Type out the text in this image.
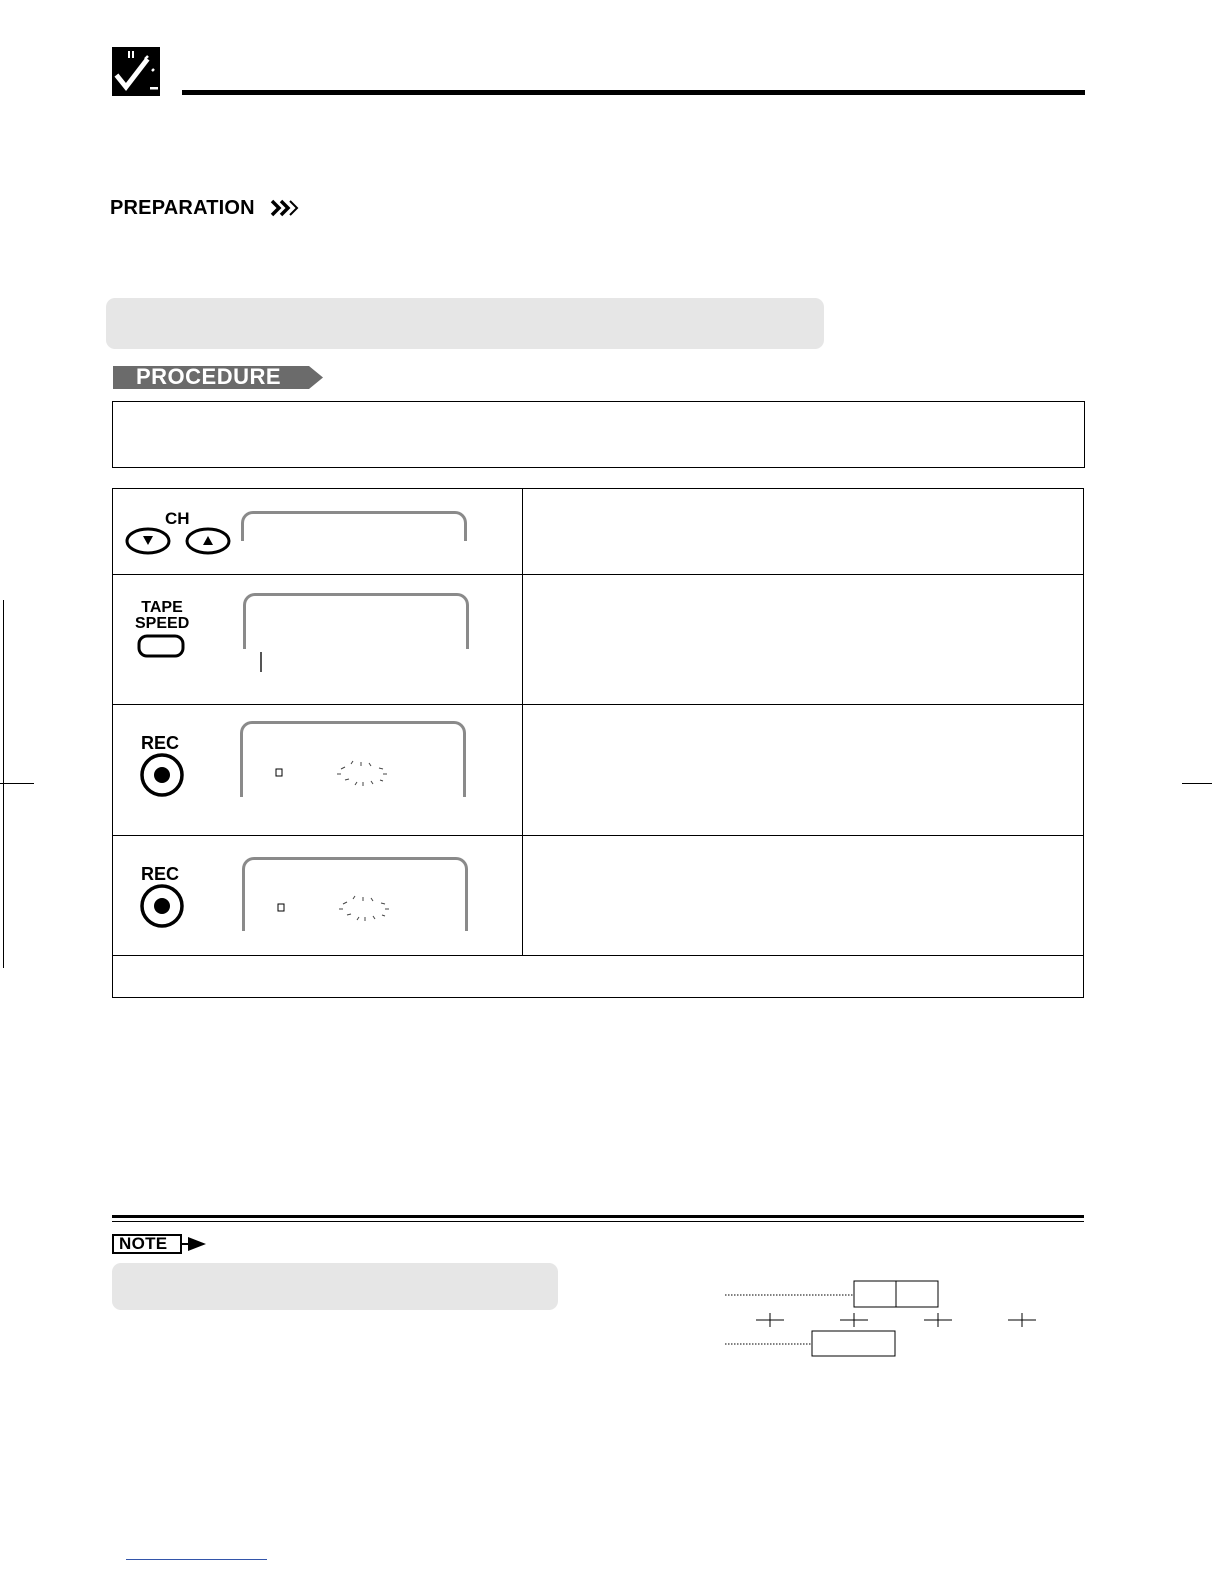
PREPARATION
PROCEDURE
CH
TAPE
SPEED
REC
REC
NOTE
